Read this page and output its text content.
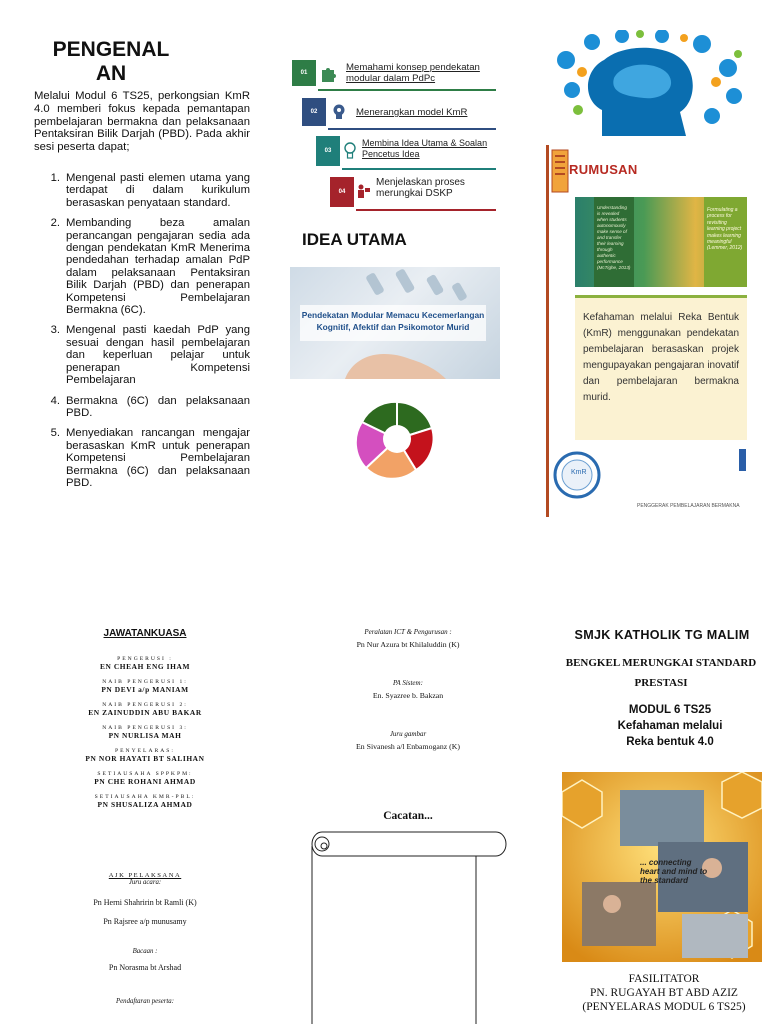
PENGENAL AN
Melalui Modul 6 TS25, perkongsian KmR 4.0 memberi fokus kepada pemantapan pembelajaran bermakna dan pelaksanaan Pentaksiran Bilik Darjah (PBD). Pada akhir sesi peserta dapat;
1. Mengenal pasti elemen utama yang terdapat di dalam kurikulum berasaskan penyataan standard.
2. Membanding beza amalan perancangan pengajaran sedia ada dengan pendekatan KmR Menerima pendedahan terhadap amalan PdP dalam pelaksanaan Pentaksiran Bilik Darjah (PBD) dan penerapan Kompetensi Pembelajaran Bermakna (6C).
3. Mengenal pasti kaedah PdP yang sesuai dengan hasil pembelajaran dan keperluan pelajar untuk penerapan Kompetensi Pembelajaran
4. Bermakna (6C) dan pelaksanaan PBD.
5. Menyediakan rancangan mengajar berasaskan KmR untuk penerapan Kompetensi Pembelajaran Bermakna (6C) dan pelaksanaan PBD.
01	Memahami konsep pendekatan modular dalam PdPc
02	Menerangkan model KmR
03
Membina Idea Utama & Soalan Pencetus Idea
04
Menjelaskan proses merungkai DSKP
IDEA UTAMA
Pendekatan Modular Memacu Kecemerlangan Kognitif, Afektif dan Psikomotor Murid
RUMUSAN
Understanding is revealed when students autonomously make sense of and transfer their learning through authentic performance (McTighe, 2013)
Formulating a process for revisiting learning project makes learning meaningful (Lemmer, 2012)
Kefahaman melalui Reka Bentuk (KmR) menggunakan pendekatan pembelajaran berasaskan projek mengupayakan pengajaran inovatif dan pembelajaran bermakna murid.
KmR
PENGGERAK PEMBELAJARAN BERMAKNA
JAWATANKUASA
PENGERUSI :
EN CHEAH ENG IHAM
NAIB PENGERUSI 1:
PN DEVI a/p MANIAM
NAIB PENGERUSI 2:
EN ZAINUDDIN ABU BAKAR
NAIB PENGERUSI 3:
PN NURLISA MAH
PENYELARAS:
PN NOR HAYATI BT SALIHAN
SETIAUSAHA SPPKPM:
PN CHE ROHANI AHMAD
SETIAUSAHA KMR-PBL:
PN SHUSALIZA AHMAD
AJK PELAKSANA
Juru acara:
Pn Herni Shahririn bt Ramli (K)
Pn Rajsree a/p munusamy
Bacaan :
Pn Norasma bt Arshad
Pendaftaran peserta:
Peralatan ICT & Pengurusan :
Pn Nur Azura bt Khilaluddin (K)
PA Sistem:
En. Syazree b. Bakzan
Juru gambar
En Sivanesh a/l Enbamoganz (K)
Cacatan...
SMJK KATHOLIK TG MALIM
BENGKEL MERUNGKAI STANDARD
PRESTASI
MODUL 6 TS25
Kefahaman melalui
Reka bentuk 4.0
... connecting heart and mind to the standard
FASILITATOR
PN. RUGAYAH BT ABD AZIZ
(PENYELARAS MODUL 6 TS25)
